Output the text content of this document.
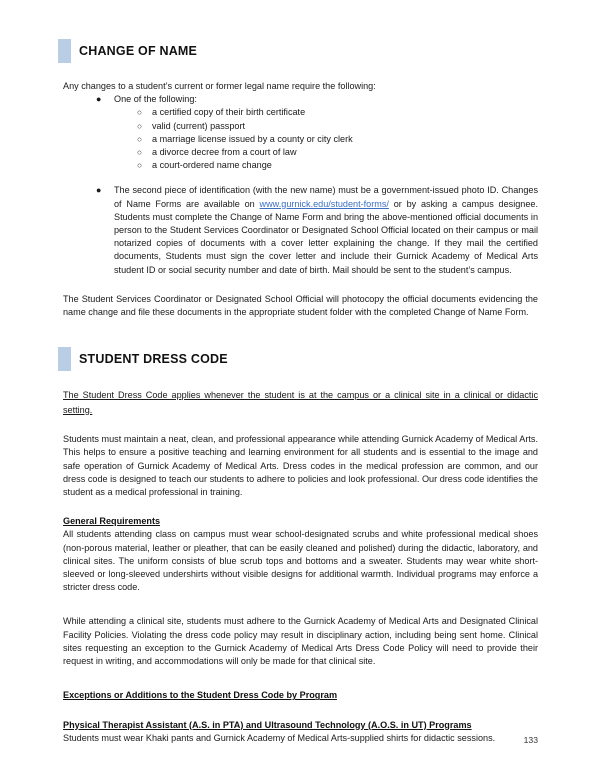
CHANGE OF NAME

Any changes to a student’s current or former legal name require the following:

● One of the following:
○ a certified copy of their birth certificate
○ valid (current) passport
○ a marriage license issued by a county or city clerk
○ a divorce decree from a court of law
○ a court-ordered name change
● The second piece of identification (with the new name) must be a government-issued photo ID. Changes of Name Forms are available on www.gurnick.edu/student-forms/ or by asking a campus designee. Students must complete the Change of Name Form and bring the above-mentioned official documents in person to the Student Services Coordinator or Designated School Official located on their campus or mail notarized copies of documents with a cover letter explaining the change. If they mail the certified documents, Students must sign the cover letter and include their Gurnick Academy of Medical Arts student ID or social security number and date of birth. Mail should be sent to the student’s campus.

The Student Services Coordinator or Designated School Official will photocopy the official documents evidencing the name change and file these documents in the appropriate student folder with the completed Change of Name Form.

STUDENT DRESS CODE

The Student Dress Code applies whenever the student is at the campus or a clinical site in a clinical or didactic setting.

Students must maintain a neat, clean, and professional appearance while attending Gurnick Academy of Medical Arts. This helps to ensure a positive teaching and learning environment for all students and is essential to the image and safe operation of Gurnick Academy of Medical Arts. Dress codes in the medical profession are common, and our dress code is designed to teach our students to adhere to policies and look professional. Our dress code identifies the student as a medical professional in training.

General Requirements

All students attending class on campus must wear school-designated scrubs and white professional medical shoes (non-porous material, leather or pleather, that can be easily cleaned and polished) during the didactic, laboratory, and clinical sites. The uniform consists of blue scrub tops and bottoms and a sweater. Students may wear white short-sleeved or long-sleeved undershirts without visible designs for additional warmth. Individual programs may enforce a stricter dress code.

While attending a clinical site, students must adhere to the Gurnick Academy of Medical Arts and Designated Clinical Facility Policies. Violating the dress code policy may result in disciplinary action, including being sent home. Clinical sites requesting an exception to the Gurnick Academy of Medical Arts Dress Code Policy will need to provide their request in writing, and accommodations will only be made for that clinical site.

Exceptions or Additions to the Student Dress Code by Program

Physical Therapist Assistant (A.S. in PTA) and Ultrasound Technology (A.O.S. in UT) Programs

Students must wear Khaki pants and Gurnick Academy of Medical Arts-supplied shirts for didactic sessions.	133
